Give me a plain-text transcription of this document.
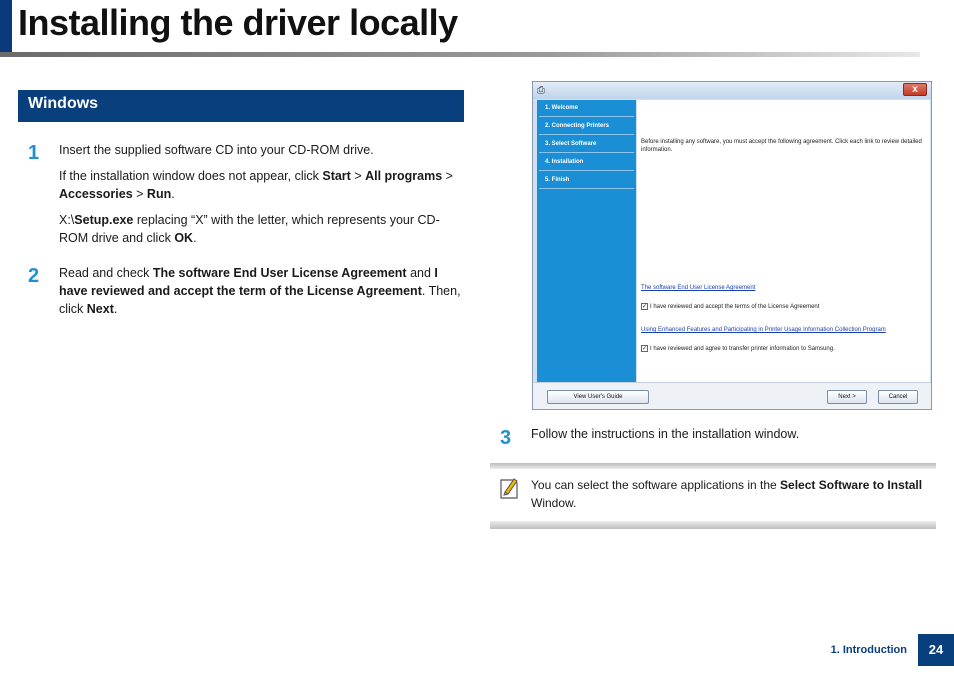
Installing the driver locally
Windows
1 Insert the supplied software CD into your CD-ROM drive.

If the installation window does not appear, click Start > All programs > Accessories > Run.

X:\Setup.exe replacing “X” with the letter, which represents your CD-ROM drive and click OK.

2 Read and check The software End User License Agreement and I have reviewed and accept the term of the License Agreement. Then, click Next.

⎙	x
1. Welcome
2. Connecting Printers
3. Select Software
4. Installation
5. Finish

Before installing any software, you must accept the following agreement. Click each link to review detailed information.

The software End User License Agreement
✓ I have reviewed and accept the terms of the License Agreement
Using Enhanced Features and Participating in Printer Usage Information Collection Program
✓ I have reviewed and agree to transfer printer information to Samsung.
View User's Guide	Next >	Cancel
3 Follow the instructions in the installation window.

You can select the software applications in the Select Software to Install Window.

1. Introduction	24
